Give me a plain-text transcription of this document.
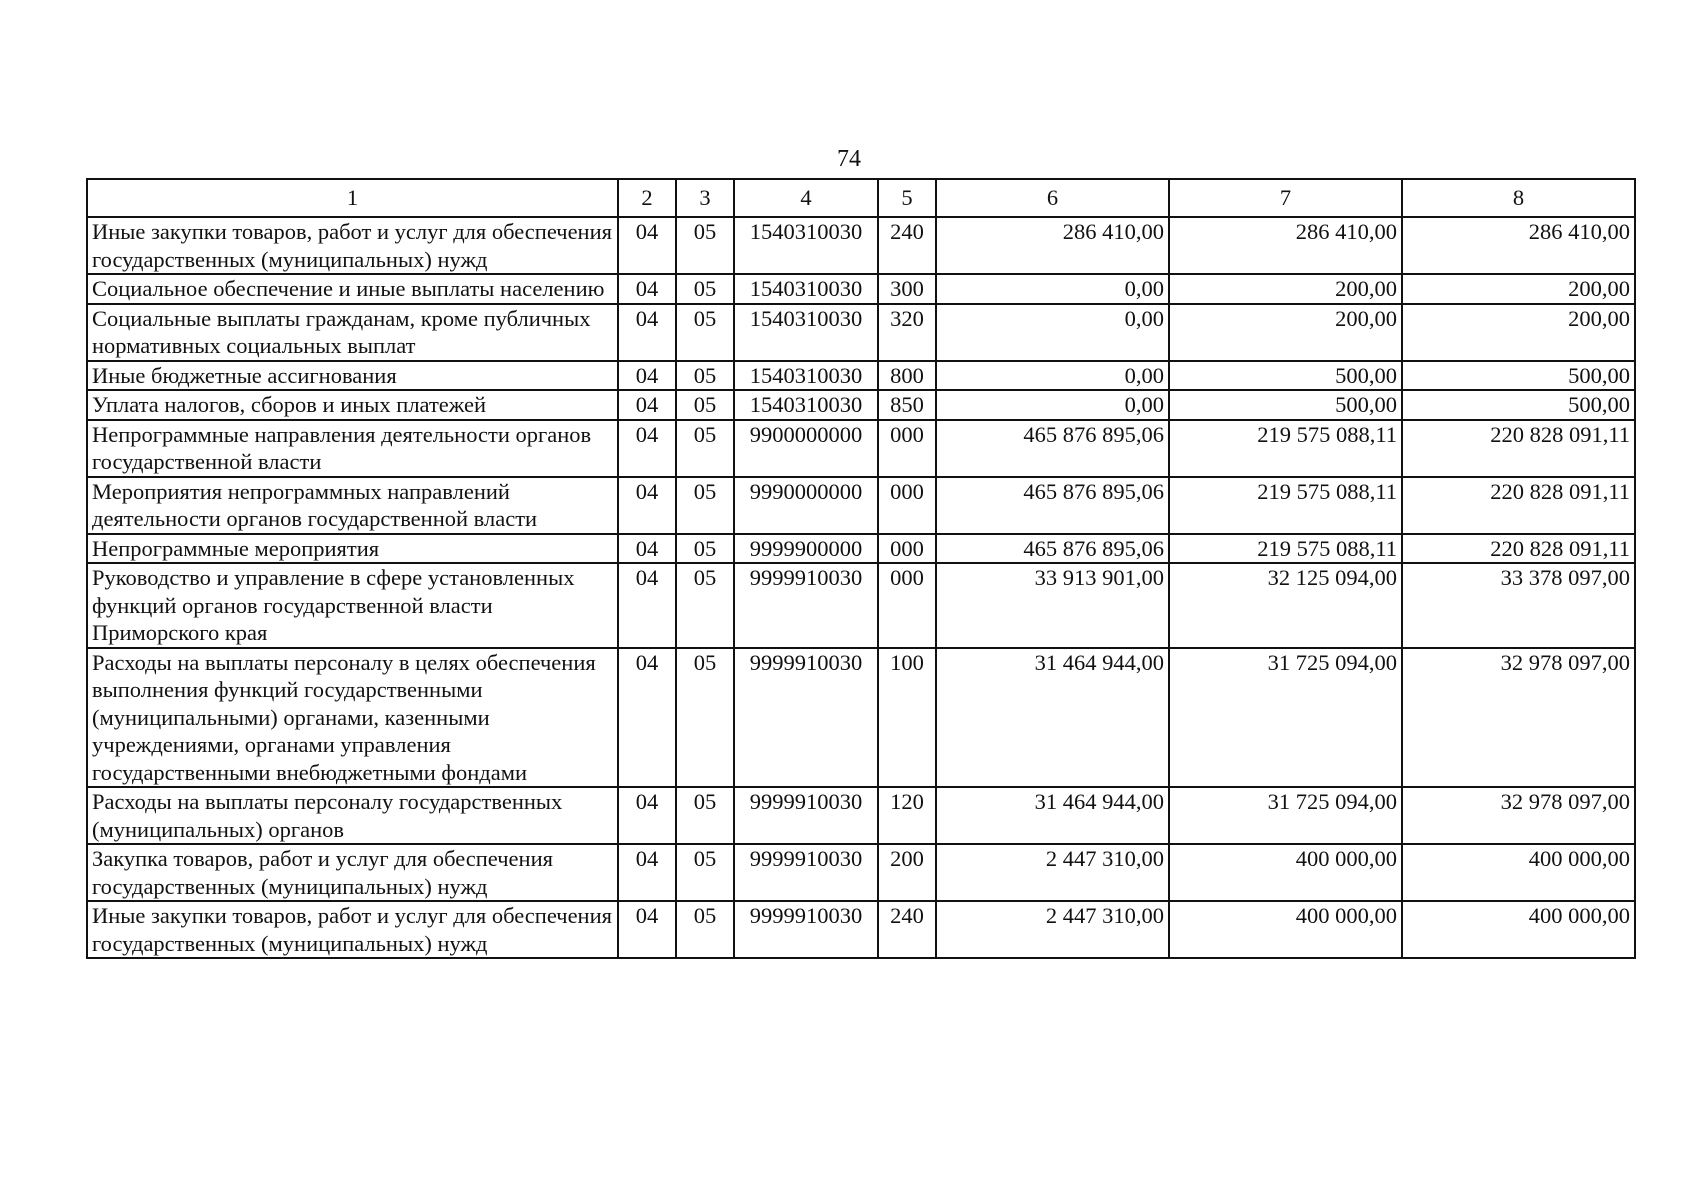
74
1	2	3	4	5	6	7	8
Иные закупки товаров, работ и услуг для обеспечения государственных (муниципальных) нужд	04	05	1540310030	240	286 410,00	286 410,00	286 410,00
Социальное обеспечение и иные выплаты населению	04	05	1540310030	300	0,00	200,00	200,00
Социальные выплаты гражданам, кроме публичных нормативных социальных выплат	04	05	1540310030	320	0,00	200,00	200,00
Иные бюджетные ассигнования	04	05	1540310030	800	0,00	500,00	500,00
Уплата налогов, сборов и иных платежей	04	05	1540310030	850	0,00	500,00	500,00
Непрограммные направления деятельности органов государственной власти	04	05	9900000000	000	465 876 895,06	219 575 088,11	220 828 091,11
Мероприятия непрограммных направлений деятельности органов государственной власти	04	05	9990000000	000	465 876 895,06	219 575 088,11	220 828 091,11
Непрограммные мероприятия	04	05	9999900000	000	465 876 895,06	219 575 088,11	220 828 091,11
Руководство и управление в сфере установленных функций органов государственной власти Приморского края	04	05	9999910030	000	33 913 901,00	32 125 094,00	33 378 097,00
Расходы на выплаты персоналу в целях обеспечения выполнения функций государственными (муниципальными) органами, казенными учреждениями, органами управления государственными внебюджетными фондами	04	05	9999910030	100	31 464 944,00	31 725 094,00	32 978 097,00
Расходы на выплаты персоналу государственных (муниципальных) органов	04	05	9999910030	120	31 464 944,00	31 725 094,00	32 978 097,00
Закупка товаров, работ и услуг для обеспечения государственных (муниципальных) нужд	04	05	9999910030	200	2 447 310,00	400 000,00	400 000,00
Иные закупки товаров, работ и услуг для обеспечения государственных (муниципальных) нужд	04	05	9999910030	240	2 447 310,00	400 000,00	400 000,00
